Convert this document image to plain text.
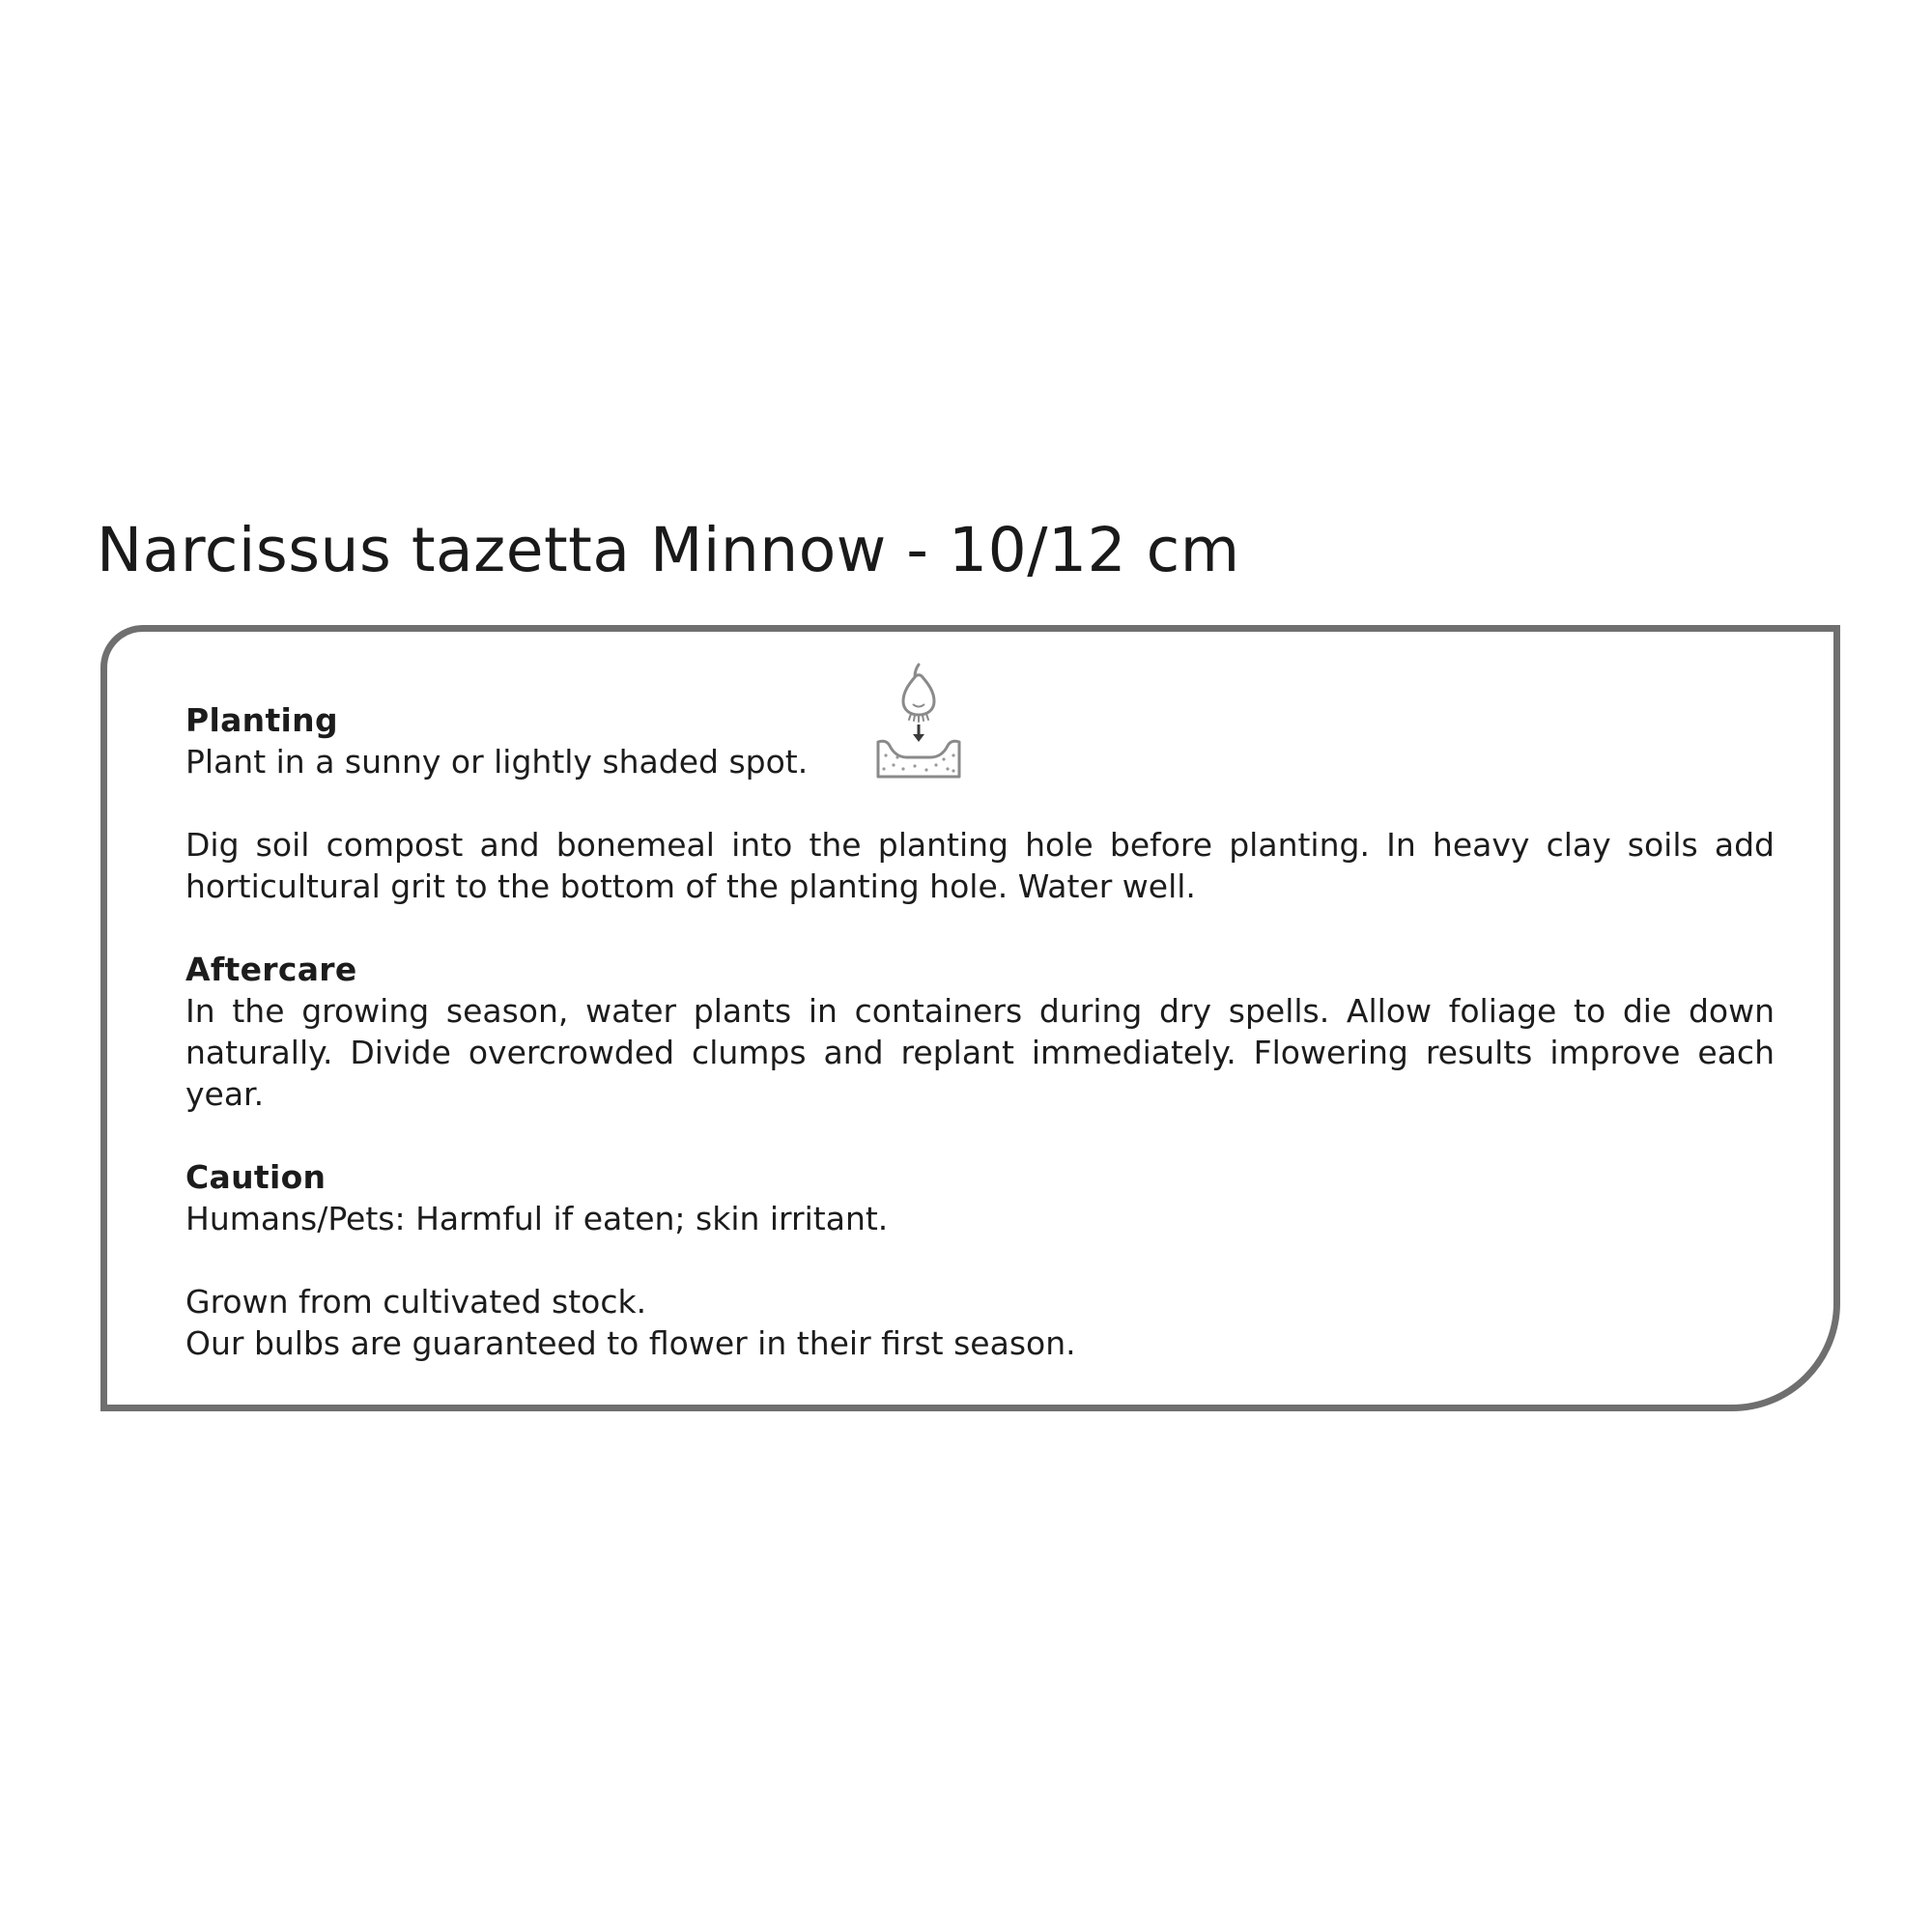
Narcissus tazetta Minnow - 10/12 cm

Planting

Plant in a sunny or lightly shaded spot.

Dig soil compost and bonemeal into the planting hole before planting. In heavy clay soils add horticultural grit to the bottom of the planting hole. Water well.

Aftercare

In the growing season, water plants in containers during dry spells. Allow foliage to die down naturally. Divide overcrowded clumps and replant immediately. Flowering results improve each year.

Caution

Humans/Pets: Harmful if eaten; skin irritant.

Grown from cultivated stock.

Our bulbs are guaranteed to flower in their first season.
